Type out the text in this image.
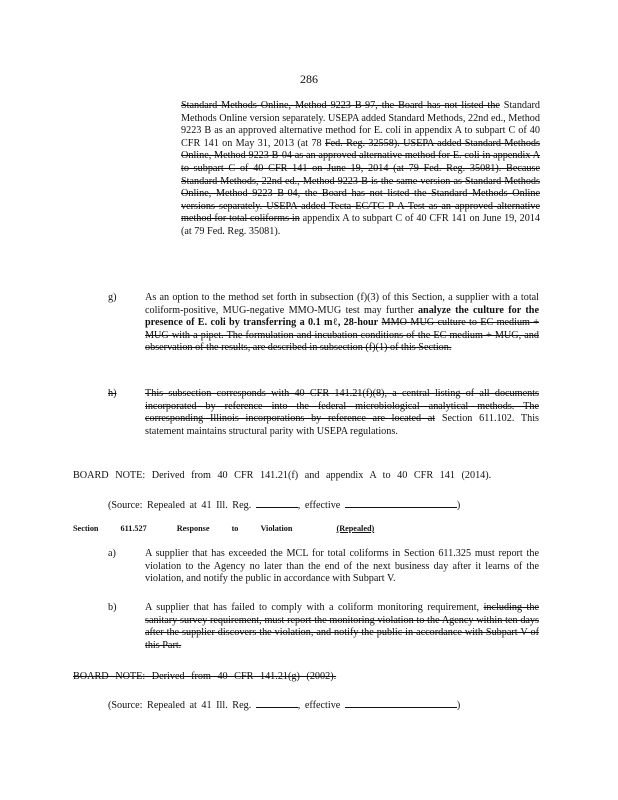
286
Standard Methods Online, Method 9223 B-97, the Board has not listed the Standard Methods Online version separately. USEPA added Standard Methods, 22nd ed., Method 9223 B as an approved alternative method for E. coli in appendix A to subpart C of 40 CFR 141 on May 31, 2013 (at 78 Fed. Reg. 32558). USEPA added Standard Methods Online, Method 9223 B-04 as an approved alternative method for E. coli in appendix A to subpart C of 40 CFR 141 on June 19, 2014 (at 79 Fed. Reg. 35081). Because Standard Methods, 22nd ed., Method 9223 B is the same version as Standard Methods Online, Method 9223 B-04, the Board has not listed the Standard Methods Online versions separately. USEPA added Tecta EC/TC P-A Test as an approved alternative method for total coliforms in appendix A to subpart C of 40 CFR 141 on June 19, 2014 (at 79 Fed. Reg. 35081).
g)	As an option to the method set forth in subsection (f)(3) of this Section, a supplier with a total coliform-positive, MUG-negative MMO-MUG test may further analyze the culture for the presence of E. coli by transferring a 0.1 mℓ, 28-hour MMO-MUG culture to EC medium + MUG with a pipet. The formulation and incubation conditions of the EC medium + MUG, and observation of the results, are described in subsection (f)(1) of this Section.
h)	This subsection corresponds with 40 CFR 141.21(f)(8), a central listing of all documents incorporated by reference into the federal microbiological analytical methods. The corresponding Illinois incorporations by reference are located at Section 611.102. This statement maintains structural parity with USEPA regulations.
BOARD NOTE: Derived from 40 CFR 141.21(f) and appendix A to 40 CFR 141 (2014).
(Source: Repealed at 41 Ill. Reg.	, effective	)
Section	611.527	Response	to	Violation	(Repealed)
a)	A supplier that has exceeded the MCL for total coliforms in Section 611.325 must report the violation to the Agency no later than the end of the next business day after it learns of the violation, and notify the public in accordance with Subpart V.
b)	A supplier that has failed to comply with a coliform monitoring requirement, including the sanitary survey requirement, must report the monitoring violation to the Agency within ten days after the supplier discovers the violation, and notify the public in accordance with Subpart V of this Part.
BOARD NOTE: Derived from 40 CFR 141.21(g) (2002).
(Source: Repealed at 41 Ill. Reg.	, effective	)
